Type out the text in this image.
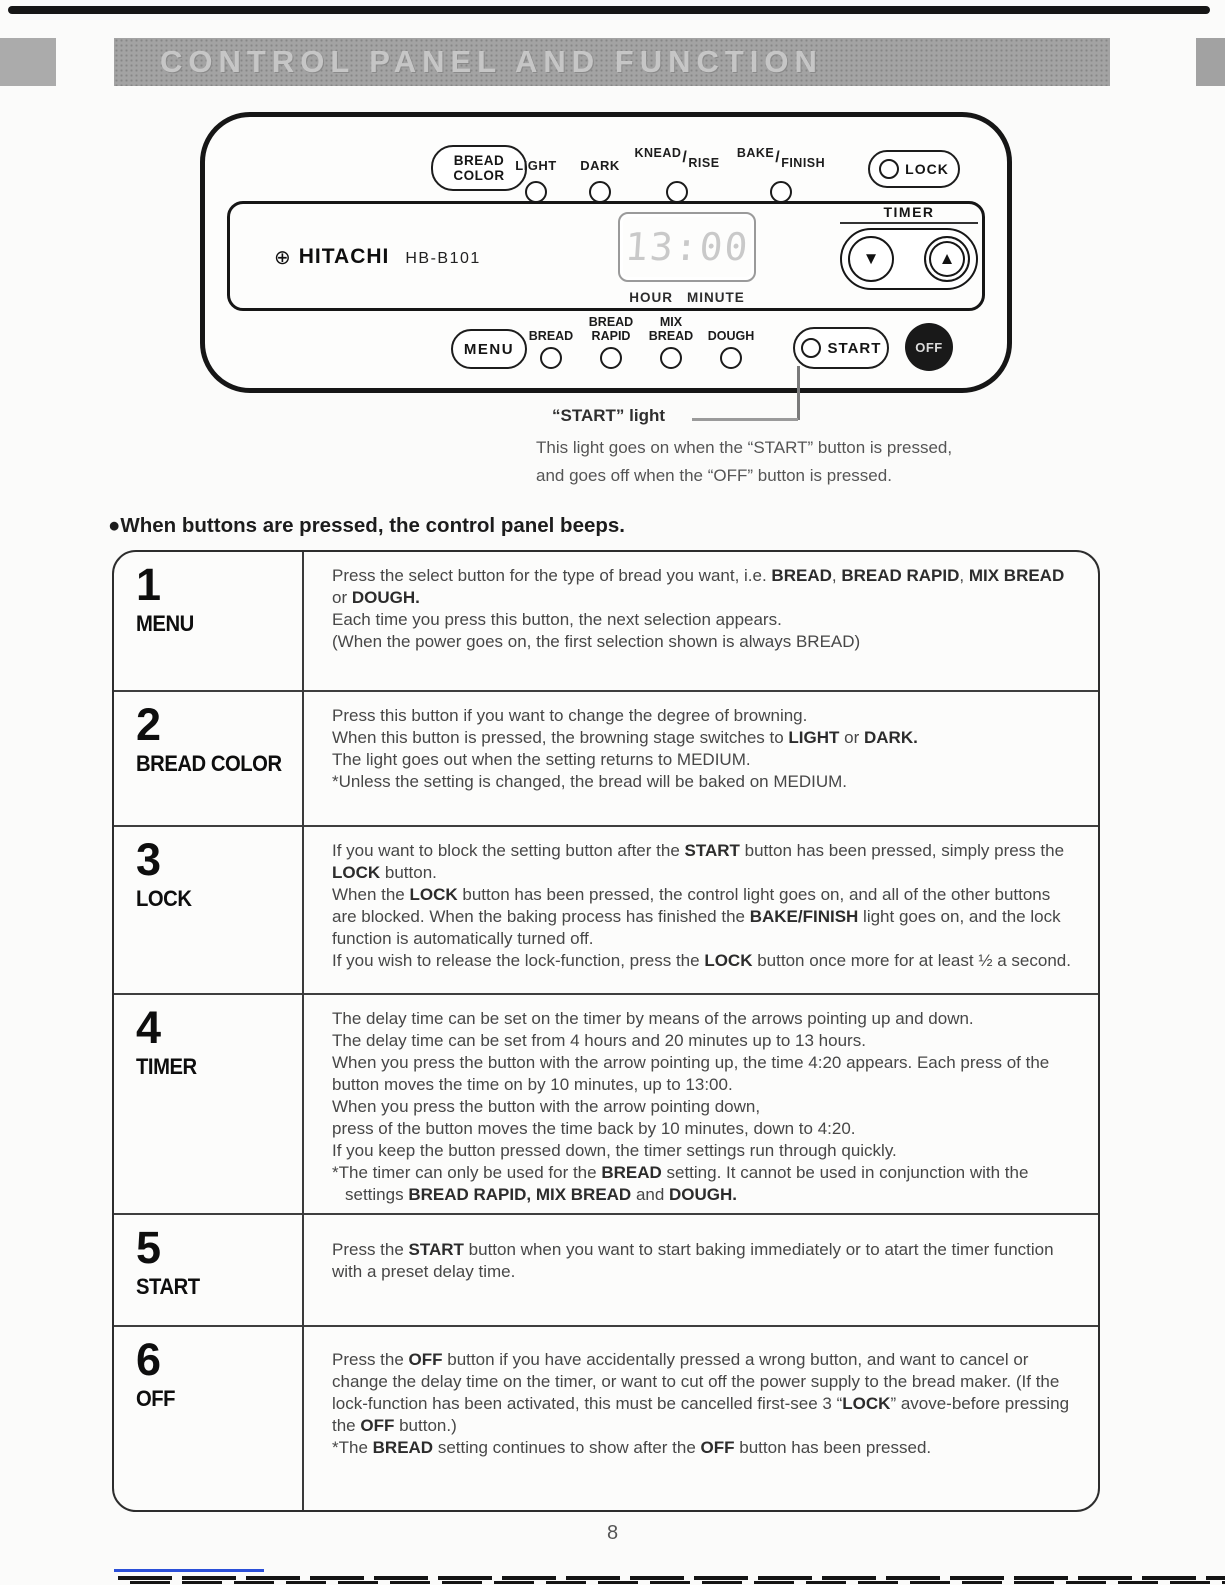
CONTROL PANEL AND FUNCTION
BREAD
COLOR
LIGHT	DARK
KNEAD/RISE
BAKE/FINISH	LOCK
⊕ HITACHI HB-B101	13:00
HOUR MINUTE
TIMER
▼	▲
MENU
BREAD
BREAD
RAPID
MIX
BREAD	DOUGH
START	OFF
“START” light
This light goes on when the “START” button is pressed,
and goes off when the “OFF” button is pressed.
●When buttons are pressed, the control panel beeps.
1
MENU

Press the select button for the type of bread you want, i.e. BREAD, BREAD RAPID, MIX BREAD or DOUGH.

Each time you press this button, the next selection appears.

(When the power goes on, the first selection shown is always BREAD)

2
BREAD COLOR

Press this button if you want to change the degree of browning.

When this button is pressed, the browning stage switches to LIGHT or DARK.

The light goes out when the setting returns to MEDIUM.

*Unless the setting is changed, the bread will be baked on MEDIUM.

3
LOCK

If you want to block the setting button after the START button has been pressed, simply press the LOCK button.

When the LOCK button has been pressed, the control light goes on, and all of the other buttons are blocked. When the baking process has finished the BAKE/FINISH light goes on, and the lock function is automatically turned off.

If you wish to release the lock-function, press the LOCK button once more for at least ½ a second.

4
TIMER

The delay time can be set on the timer by means of the arrows pointing up and down.

The delay time can be set from 4 hours and 20 minutes up to 13 hours.

When you press the button with the arrow pointing up, the time 4:20 appears. Each press of the button moves the time on by 10 minutes, up to 13:00.

When you press the button with the arrow pointing down,

press of the button moves the time back by 10 minutes, down to 4:20.

If you keep the button pressed down, the timer settings run through quickly.

*The timer can only be used for the BREAD setting. It cannot be used in conjunction with the settings BREAD RAPID, MIX BREAD and DOUGH.

5
START

Press the START button when you want to start baking immediately or to atart the timer function with a preset delay time.

6
OFF

Press the OFF button if you have accidentally pressed a wrong button, and want to cancel or change the delay time on the timer, or want to cut off the power supply to the bread maker. (If the lock-function has been activated, this must be cancelled first-see 3 “LOCK” avove-before pressing the OFF button.)

*The BREAD setting continues to show after the OFF button has been pressed.

8
